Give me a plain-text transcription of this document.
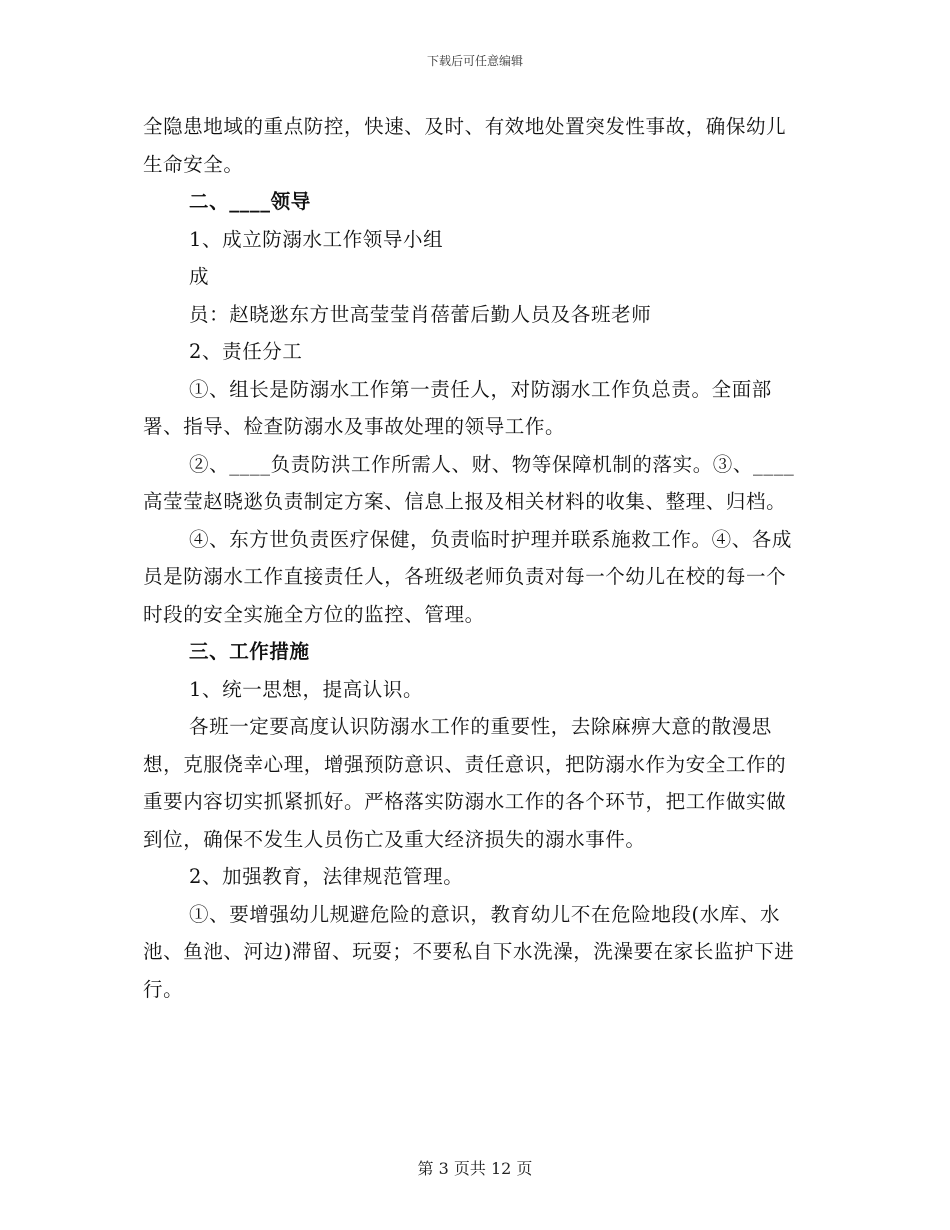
下载后可任意编辑

全隐患地域的重点防控，快速、及时、有效地处置突发性事故，确保幼儿生命安全。

二、____领导

1、成立防溺水工作领导小组

成

员：赵晓逖东方世高莹莹肖蓓蕾后勤人员及各班老师

2、责任分工

①、组长是防溺水工作第一责任人，对防溺水工作负总责。全面部署、指导、检查防溺水及事故处理的领导工作。

②、____负责防洪工作所需人、财、物等保障机制的落实。③、____高莹莹赵晓逖负责制定方案、信息上报及相关材料的收集、整理、归档。

④、东方世负责医疗保健，负责临时护理并联系施救工作。④、各成员是防溺水工作直接责任人，各班级老师负责对每一个幼儿在校的每一个时段的安全实施全方位的监控、管理。

三、工作措施

1、统一思想，提高认识。

各班一定要高度认识防溺水工作的重要性，去除麻痹大意的散漫思想，克服侥幸心理，增强预防意识、责任意识，把防溺水作为安全工作的重要内容切实抓紧抓好。严格落实防溺水工作的各个环节，把工作做实做到位，确保不发生人员伤亡及重大经济损失的溺水事件。

2、加强教育，法律规范管理。

①、要增强幼儿规避危险的意识，教育幼儿不在危险地段(水库、水池、鱼池、河边)滞留、玩耍；不要私自下水洗澡，洗澡要在家长监护下进行。

第 3 页共 12 页
